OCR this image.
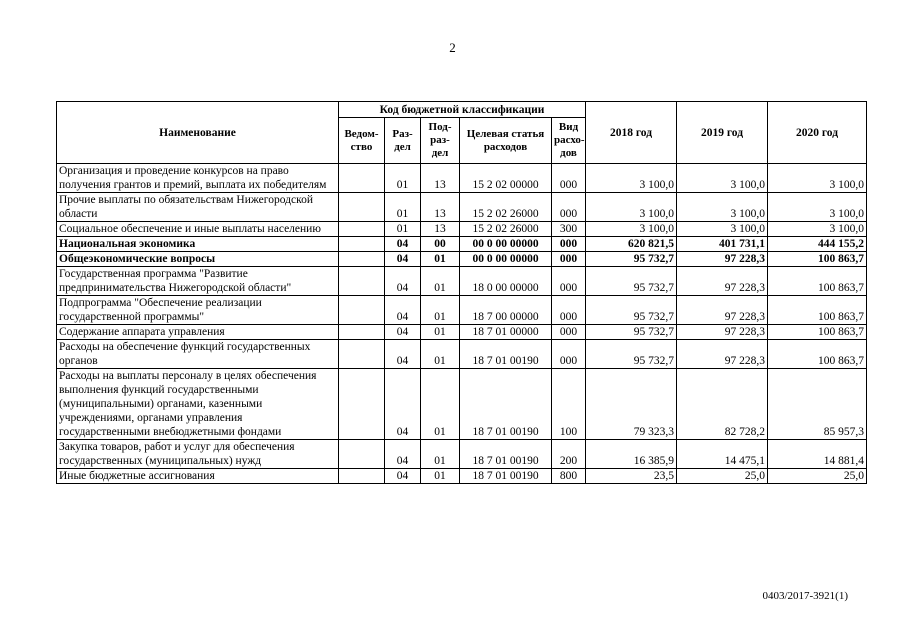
2
Наименование	Код бюджетной классификации					2018 год	2019 год	2020 год
	Ведом-ство	Раз-дел	Под-раз-дел	Целевая статья расходов	Вид расхо-дов			
Организация и проведение конкурсов на право получения грантов и премий, выплата их победителям		01	13	15 2 02 00000	000	3 100,0	3 100,0	3 100,0
Прочие выплаты по обязательствам Нижегородской области		01	13	15 2 02 26000	000	3 100,0	3 100,0	3 100,0
Социальное обеспечение и иные выплаты населению		01	13	15 2 02 26000	300	3 100,0	3 100,0	3 100,0
Национальная экономика		04	00	00 0 00 00000	000	620 821,5	401 731,1	444 155,2
Общеэкономические вопросы		04	01	00 0 00 00000	000	95 732,7	97 228,3	100 863,7
Государственная программа "Развитие предпринимательства Нижегородской области"		04	01	18 0 00 00000	000	95 732,7	97 228,3	100 863,7
Подпрограмма "Обеспечение реализации государственной программы"		04	01	18 7 00 00000	000	95 732,7	97 228,3	100 863,7
Содержание аппарата управления		04	01	18 7 01 00000	000	95 732,7	97 228,3	100 863,7
Расходы на обеспечение функций государственных органов		04	01	18 7 01 00190	000	95 732,7	97 228,3	100 863,7
Расходы на выплаты персоналу в целях обеспечения выполнения функций государственными (муниципальными) органами, казенными учреждениями, органами управления государственными внебюджетными фондами		04	01	18 7 01 00190	100	79 323,3	82 728,2	85 957,3
Закупка товаров, работ и услуг для обеспечения государственных (муниципальных) нужд		04	01	18 7 01 00190	200	16 385,9	14 475,1	14 881,4
Иные бюджетные ассигнования		04	01	18 7 01 00190	800	23,5	25,0	25,0
0403/2017-3921(1)
